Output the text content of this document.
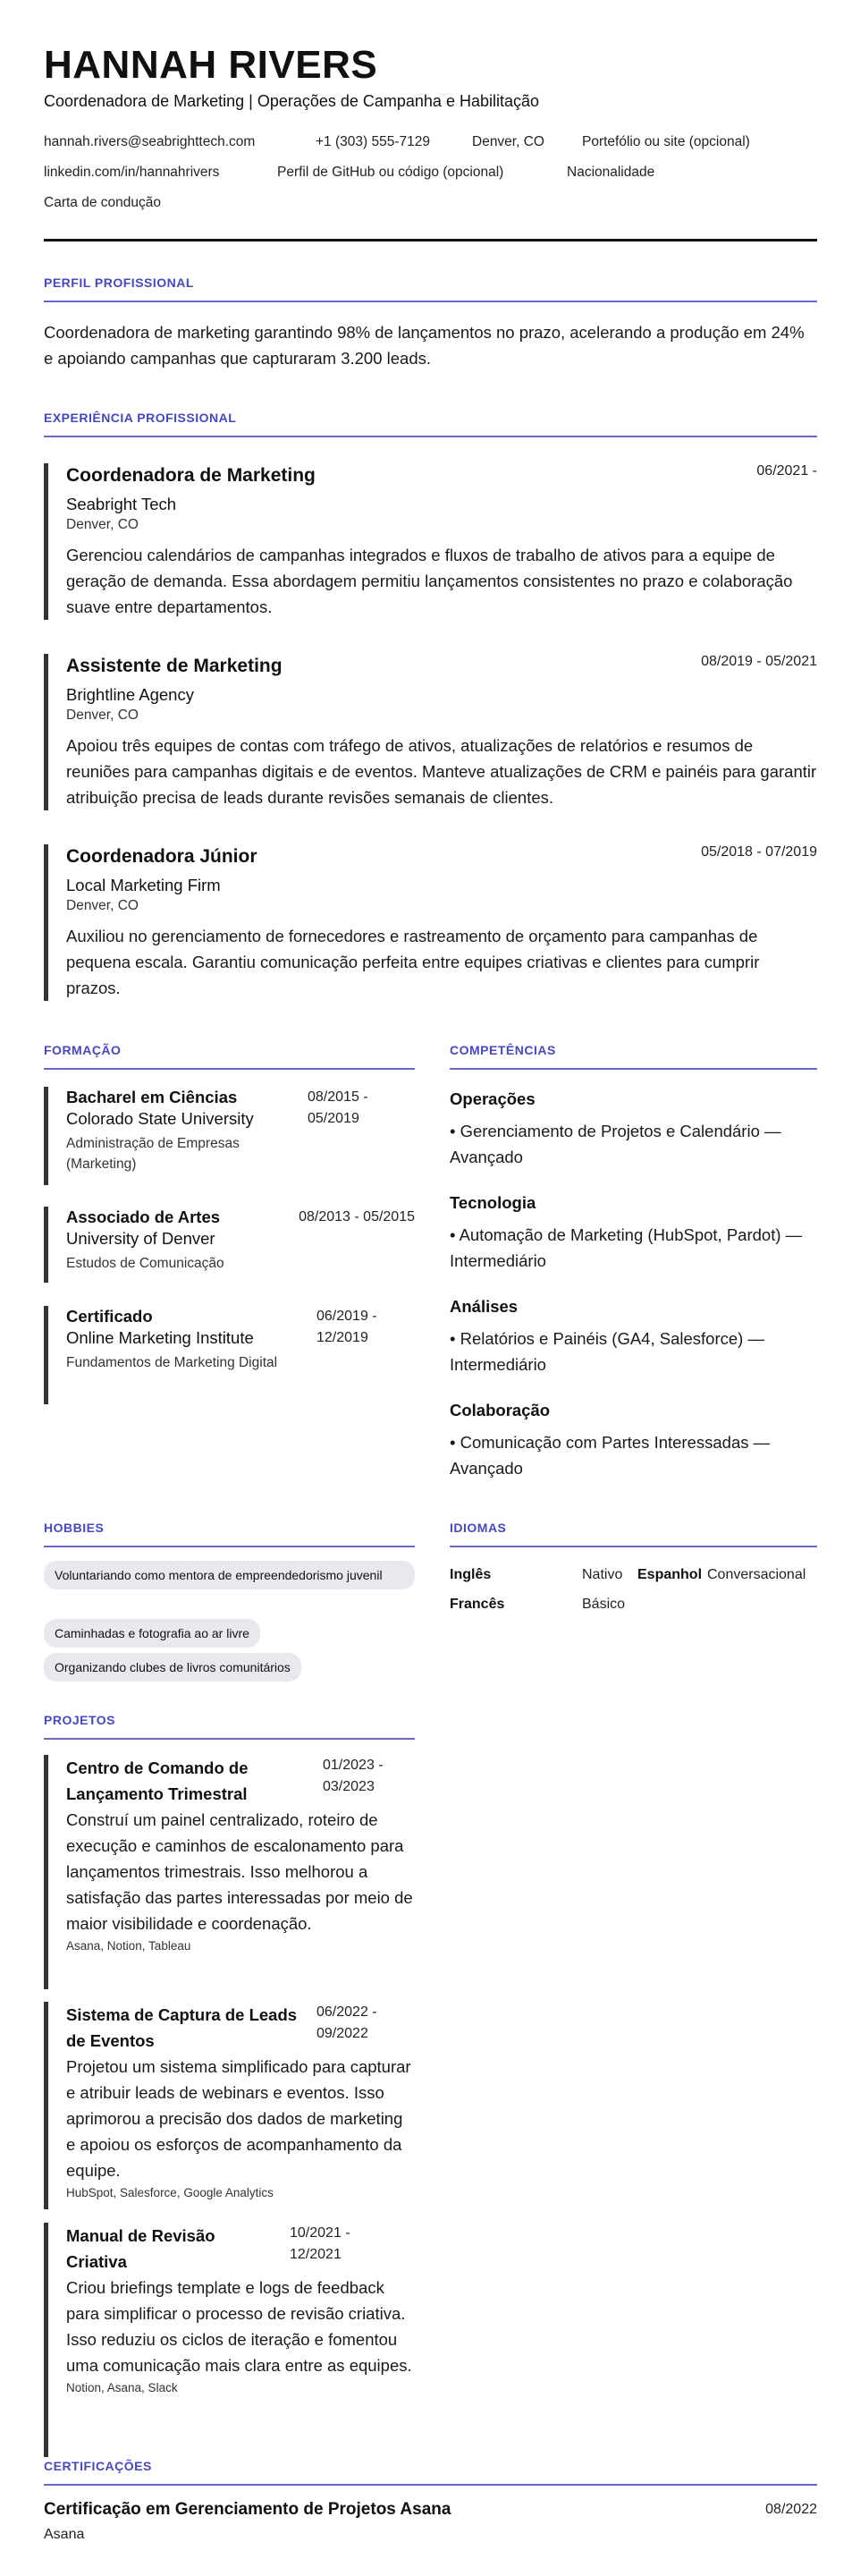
HANNAH RIVERS
Coordenadora de Marketing | Operações de Campanha e Habilitação
hannah.rivers@seabrighttech.com	+1 (303) 555-7129	Denver, CO	Portefólio ou site (opcional)
linkedin.com/in/hannahrivers	Perfil de GitHub ou código (opcional)	Nacionalidade
Carta de condução
PERFIL PROFISSIONAL
Coordenadora de marketing garantindo 98% de lançamentos no prazo, acelerando a produção em 24% e apoiando campanhas que capturaram 3.200 leads.
EXPERIÊNCIA PROFISSIONAL
Coordenadora de Marketing	06/2021 -
Seabright Tech
Denver, CO
Gerenciou calendários de campanhas integrados e fluxos de trabalho de ativos para a equipe de geração de demanda. Essa abordagem permitiu lançamentos consistentes no prazo e colaboração suave entre departamentos.
Assistente de Marketing	08/2019 - 05/2021
Brightline Agency
Denver, CO
Apoiou três equipes de contas com tráfego de ativos, atualizações de relatórios e resumos de reuniões para campanhas digitais e de eventos. Manteve atualizações de CRM e painéis para garantir atribuição precisa de leads durante revisões semanais de clientes.
Coordenadora Júnior	05/2018 - 07/2019
Local Marketing Firm
Denver, CO
Auxiliou no gerenciamento de fornecedores e rastreamento de orçamento para campanhas de pequena escala. Garantiu comunicação perfeita entre equipes criativas e clientes para cumprir prazos.
FORMAÇÃO
Bacharel em Ciências	08/2015 - 05/2019
Colorado State University
Administração de Empresas (Marketing)
Associado de Artes	08/2013 - 05/2015
University of Denver
Estudos de Comunicação
Certificado	06/2019 - 12/2019
Online Marketing Institute
Fundamentos de Marketing Digital
COMPETÊNCIAS
Operações
• Gerenciamento de Projetos e Calendário — Avançado
Tecnologia
• Automação de Marketing (HubSpot, Pardot) — Intermediário
Análises
• Relatórios e Painéis (GA4, Salesforce) — Intermediário
Colaboração
• Comunicação com Partes Interessadas — Avançado
HOBBIES
Voluntariando como mentora de empreendedorismo juvenil
Caminhadas e fotografia ao ar livre
Organizando clubes de livros comunitários
IDIOMAS
Inglês	Nativo Espanhol Conversacional
Francês	Básico
PROJETOS
Centro de Comando de Lançamento Trimestral
01/2023 - 03/2023
Construí um painel centralizado, roteiro de execução e caminhos de escalonamento para lançamentos trimestrais. Isso melhorou a satisfação das partes interessadas por meio de maior visibilidade e coordenação.
Asana, Notion, Tableau
Sistema de Captura de Leads de Eventos
06/2022 - 09/2022
Projetou um sistema simplificado para capturar e atribuir leads de webinars e eventos. Isso aprimorou a precisão dos dados de marketing e apoiou os esforços de acompanhamento da equipe.
HubSpot, Salesforce, Google Analytics
Manual de Revisão Criativa
10/2021 - 12/2021
Criou briefings template e logs de feedback para simplificar o processo de revisão criativa. Isso reduziu os ciclos de iteração e fomentou uma comunicação mais clara entre as equipes.
Notion, Asana, Slack
CERTIFICAÇÕES
Certificação em Gerenciamento de Projetos Asana	08/2022
Asana
